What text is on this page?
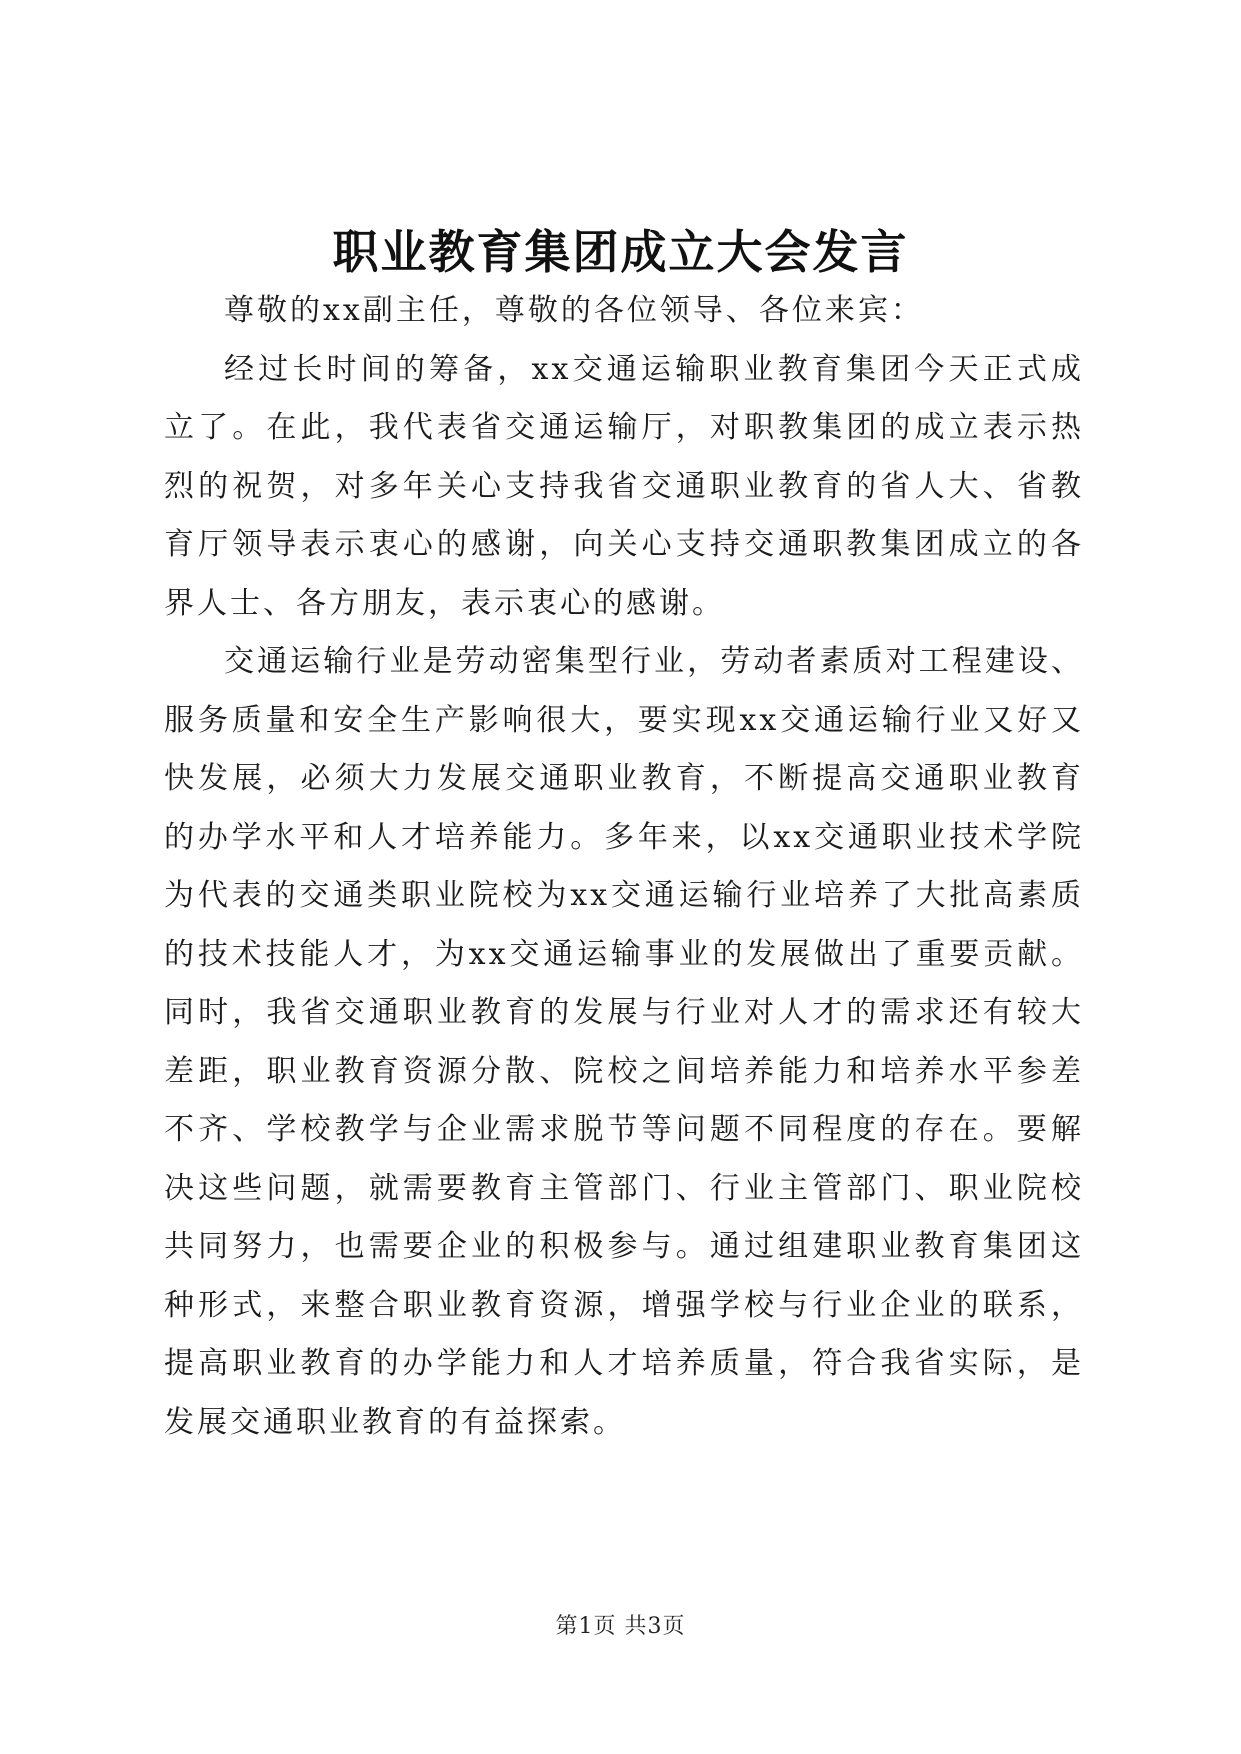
职业教育集团成立大会发言

尊敬的xx副主任，尊敬的各位领导、各位来宾：

经过长时间的筹备，xx交通运输职业教育集团今天正式成立了。在此，我代表省交通运输厅，对职教集团的成立表示热烈的祝贺，对多年关心支持我省交通职业教育的省人大、省教育厅领导表示衷心的感谢，向关心支持交通职教集团成立的各界人士、各方朋友，表示衷心的感谢。

交通运输行业是劳动密集型行业，劳动者素质对工程建设、服务质量和安全生产影响很大，要实现xx交通运输行业又好又快发展，必须大力发展交通职业教育，不断提高交通职业教育的办学水平和人才培养能力。多年来，以xx交通职业技术学院为代表的交通类职业院校为xx交通运输行业培养了大批高素质的技术技能人才，为xx交通运输事业的发展做出了重要贡献。同时，我省交通职业教育的发展与行业对人才的需求还有较大差距，职业教育资源分散、院校之间培养能力和培养水平参差不齐、学校教学与企业需求脱节等问题不同程度的存在。要解决这些问题，就需要教育主管部门、行业主管部门、职业院校共同努力，也需要企业的积极参与。通过组建职业教育集团这种形式，来整合职业教育资源，增强学校与行业企业的联系，提高职业教育的办学能力和人才培养质量，符合我省实际，是发展交通职业教育的有益探索。

第1页 共3页
